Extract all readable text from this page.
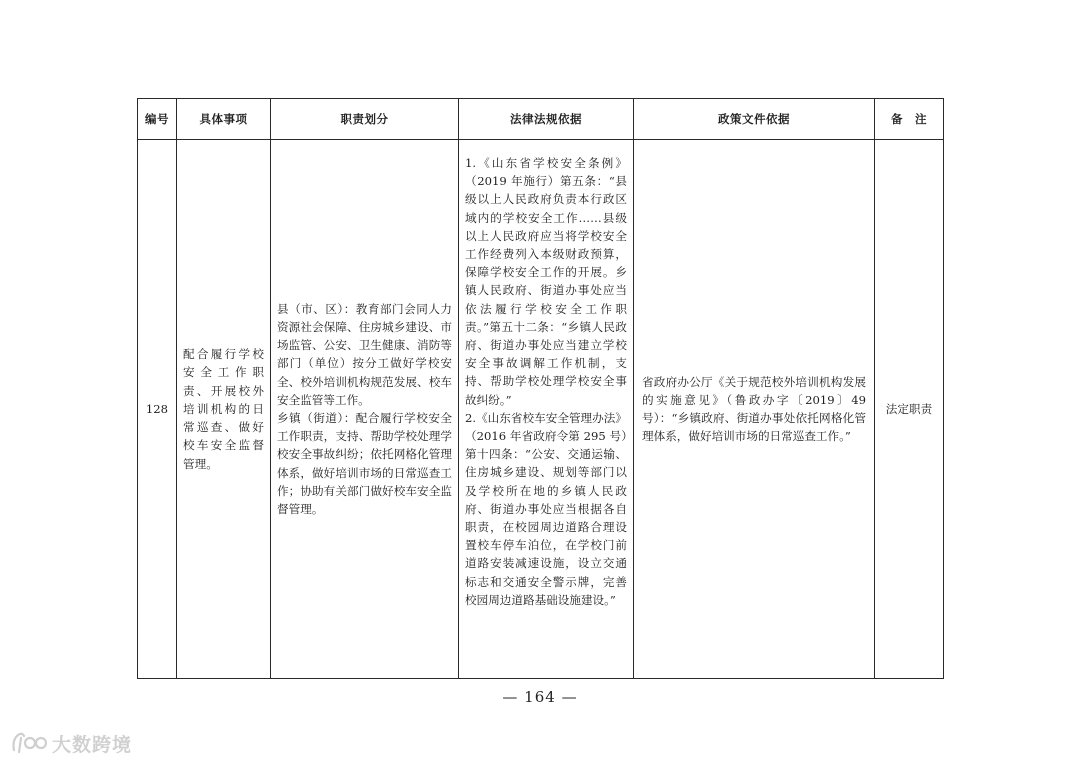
编号	具体事项	职责划分	法律法规依据	政策文件依据	备　注
128	配合履行学校安全工作职责、开展校外培训机构的日常巡查、做好校车安全监督管理。	县（市、区）：教育部门会同人力资源社会保障、住房城乡建设、市场监管、公安、卫生健康、消防等部门（单位）按分工做好学校安全、校外培训机构规范发展、校车安全监管等工作。
乡镇（街道）：配合履行学校安全工作职责，支持、帮助学校处理学校安全事故纠纷；依托网格化管理体系，做好培训市场的日常巡查工作；协助有关部门做好校车安全监督管理。	1.《山东省学校安全条例》（2019 年施行）第五条：“县级以上人民政府负责本行政区域内的学校安全工作……县级以上人民政府应当将学校安全工作经费列入本级财政预算，保障学校安全工作的开展。乡镇人民政府、街道办事处应当依法履行学校安全工作职责。”第五十二条：“乡镇人民政府、街道办事处应当建立学校安全事故调解工作机制，支持、帮助学校处理学校安全事故纠纷。”
2.《山东省校车安全管理办法》（2016 年省政府令第 295 号）第十四条：“公安、交通运输、住房城乡建设、规划等部门以及学校所在地的乡镇人民政府、街道办事处应当根据各自职责，在校园周边道路合理设置校车停车泊位，在学校门前道路安装减速设施，设立交通标志和交通安全警示牌，完善校园周边道路基础设施建设。”	省政府办公厅《关于规范校外培训机构发展的实施意见》（鲁政办字〔2019〕49 号）：“乡镇政府、街道办事处依托网格化管理体系，做好培训市场的日常巡查工作。”	法定职责
— 164 —
大数跨境
